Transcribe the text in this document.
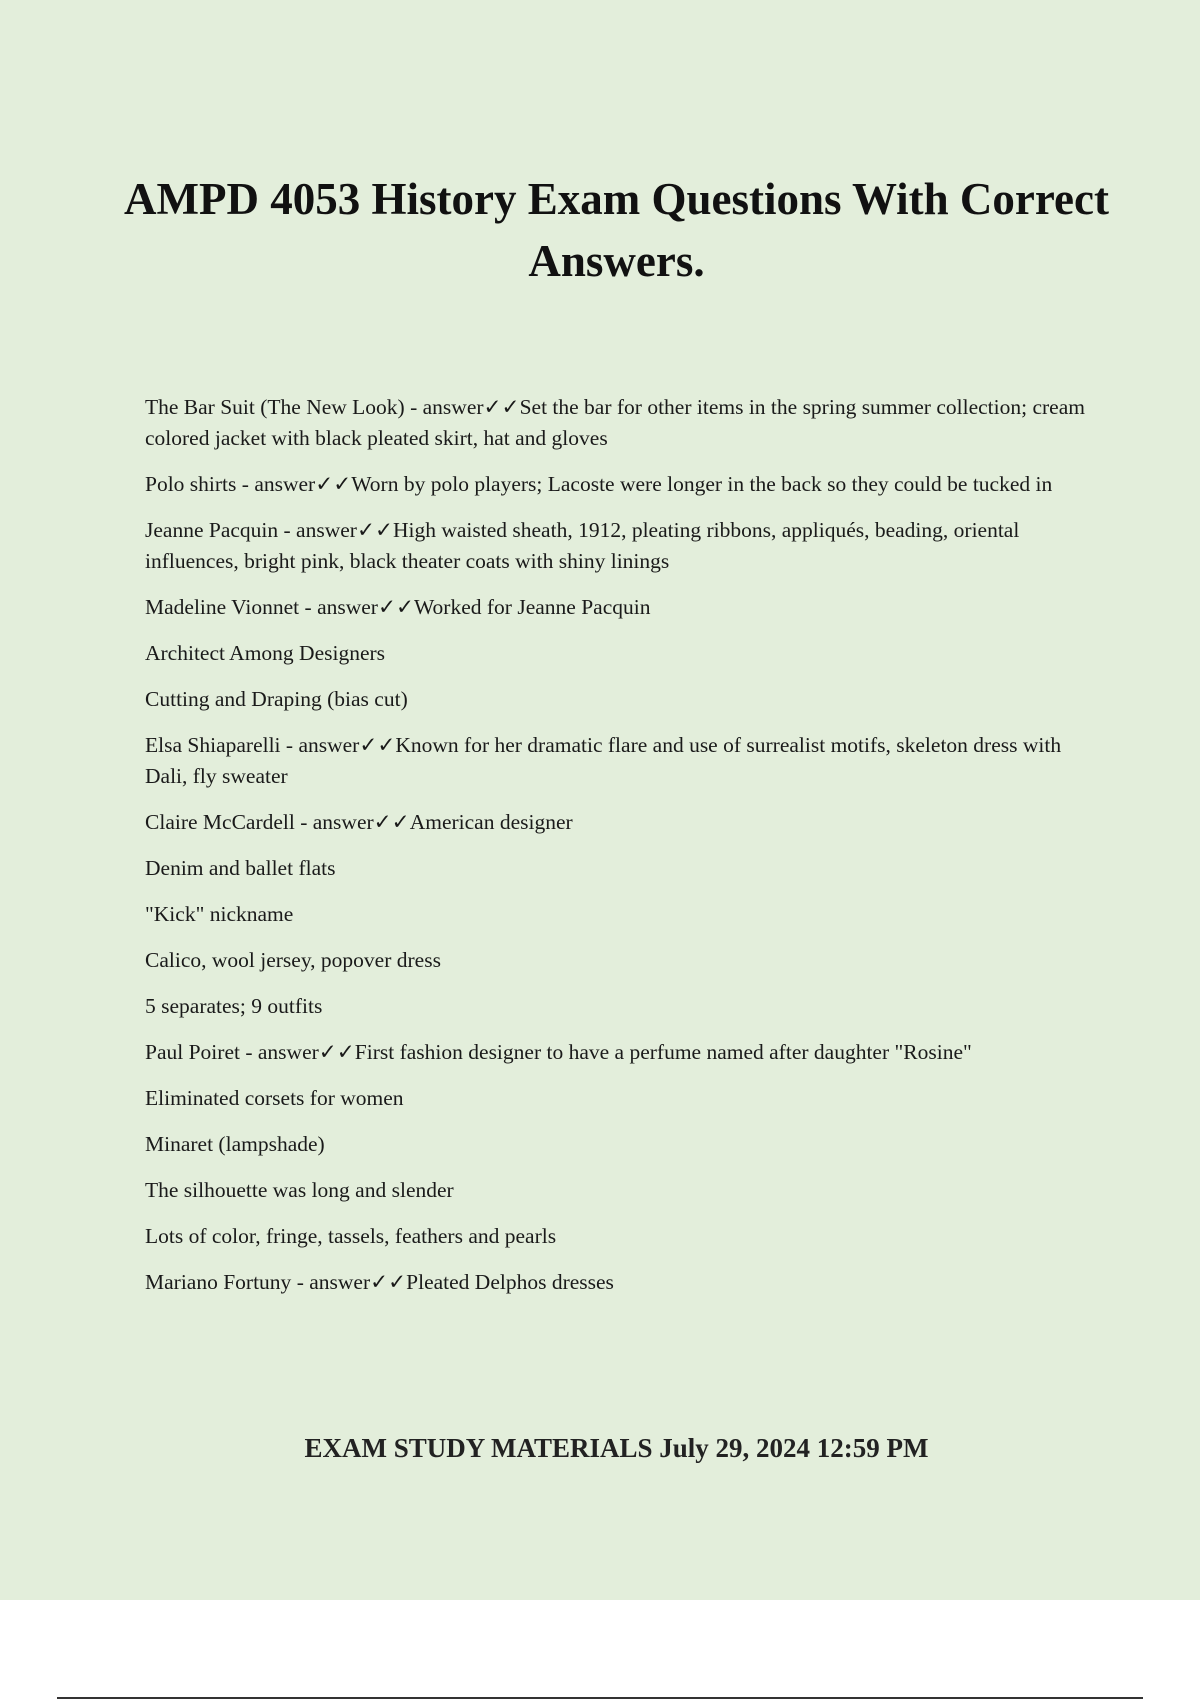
AMPD 4053 History Exam Questions With Correct Answers.

The Bar Suit (The New Look) - answer✓✓Set the bar for other items in the spring summer collection; cream colored jacket with black pleated skirt, hat and gloves

Polo shirts - answer✓✓Worn by polo players; Lacoste were longer in the back so they could be tucked in

Jeanne Pacquin - answer✓✓High waisted sheath, 1912, pleating ribbons, appliqués, beading, oriental influences, bright pink, black theater coats with shiny linings

Madeline Vionnet - answer✓✓Worked for Jeanne Pacquin

Architect Among Designers

Cutting and Draping (bias cut)

Elsa Shiaparelli - answer✓✓Known for her dramatic flare and use of surrealist motifs, skeleton dress with Dali, fly sweater

Claire McCardell - answer✓✓American designer

Denim and ballet flats

"Kick" nickname

Calico, wool jersey, popover dress

5 separates; 9 outfits

Paul Poiret - answer✓✓First fashion designer to have a perfume named after daughter "Rosine"

Eliminated corsets for women

Minaret (lampshade)

The silhouette was long and slender

Lots of color, fringe, tassels, feathers and pearls

Mariano Fortuny - answer✓✓Pleated Delphos dresses

EXAM STUDY MATERIALS July 29, 2024 12:59 PM
